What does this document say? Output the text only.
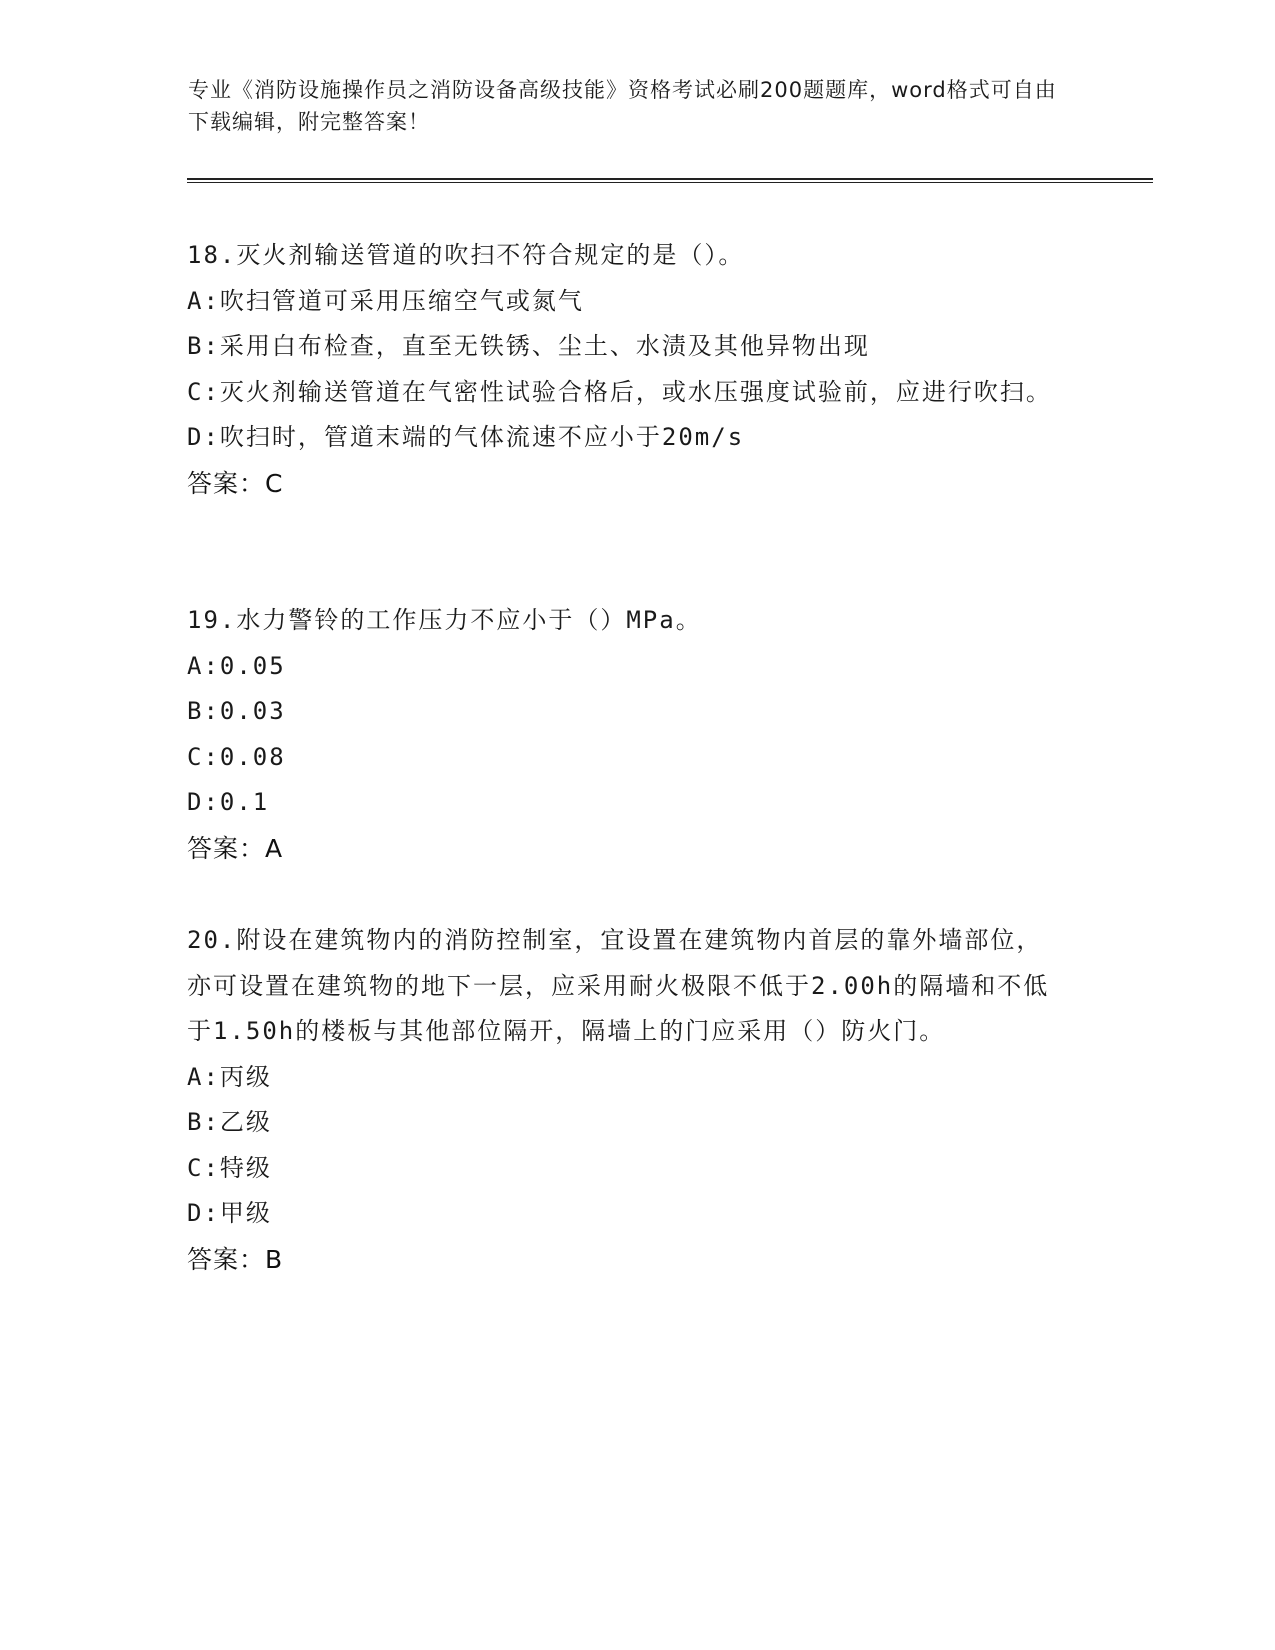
专业《消防设施操作员之消防设备高级技能》资格考试必刷200题题库，word格式可自由下载编辑，附完整答案！
18.灭火剂输送管道的吹扫不符合规定的是（）。
A:吹扫管道可采用压缩空气或氮气
B:采用白布检查，直至无铁锈、尘土、水渍及其他异物出现
C:灭火剂输送管道在气密性试验合格后，或水压强度试验前，应进行吹扫。
D:吹扫时，管道末端的气体流速不应小于20m/s
答案：C
19.水力警铃的工作压力不应小于（）MPa。
A:0.05
B:0.03
C:0.08
D:0.1
答案：A
20.附设在建筑物内的消防控制室，宜设置在建筑物内首层的靠外墙部位，亦可设置在建筑物的地下一层，应采用耐火极限不低于2.00h的隔墙和不低于1.50h的楼板与其他部位隔开，隔墙上的门应采用（）防火门。
A:丙级
B:乙级
C:特级
D:甲级
答案：B
